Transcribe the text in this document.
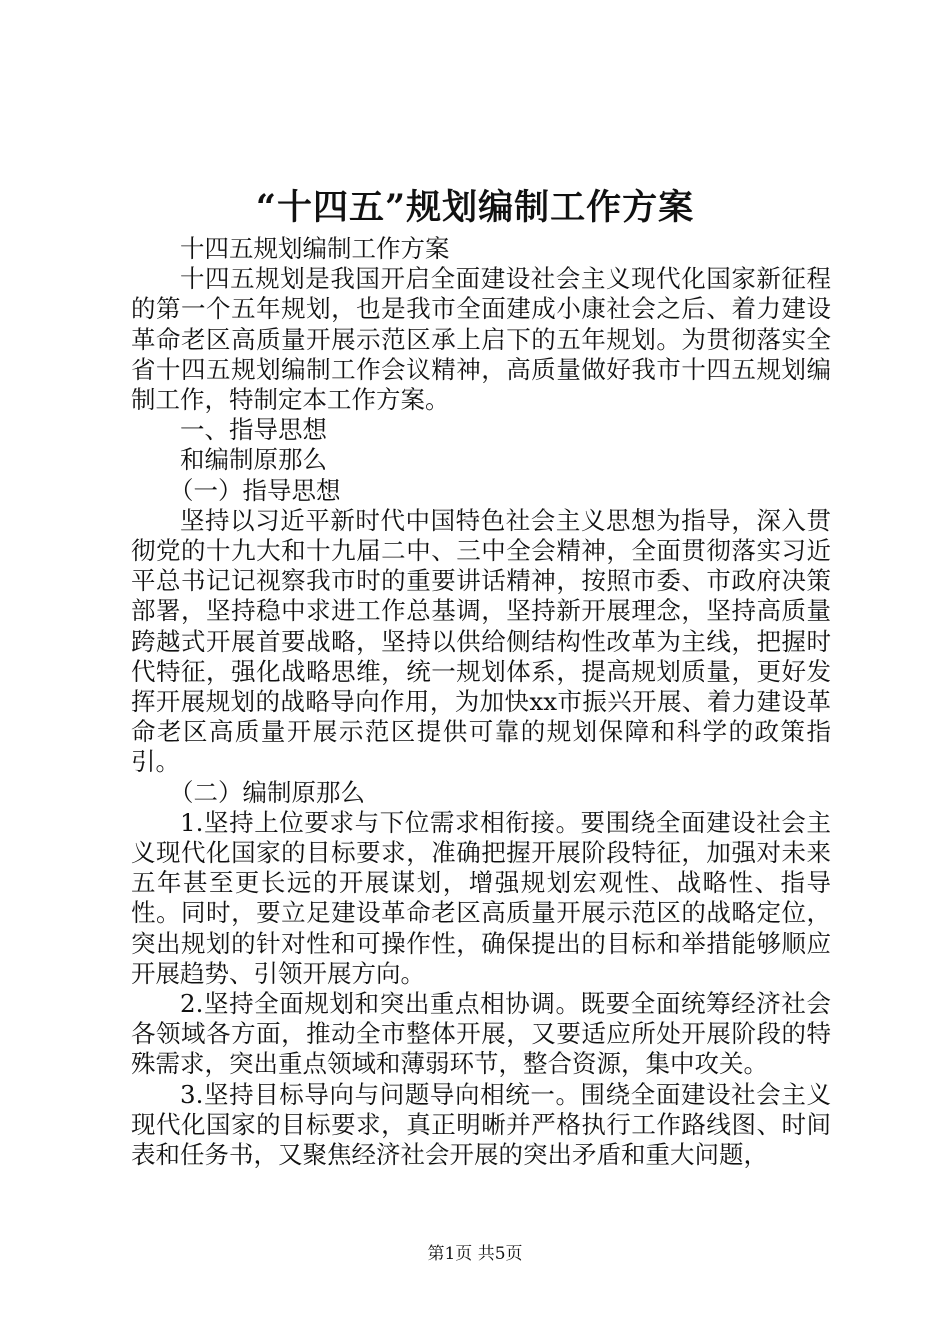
“十四五”规划编制工作方案

十四五规划编制工作方案

十四五规划是我国开启全面建设社会主义现代化国家新征程的第一个五年规划，也是我市全面建成小康社会之后、着力建设革命老区高质量开展示范区承上启下的五年规划。为贯彻落实全省十四五规划编制工作会议精神，高质量做好我市十四五规划编制工作，特制定本工作方案。

一、指导思想

和编制原那么

（一）指导思想

坚持以习近平新时代中国特色社会主义思想为指导，深入贯彻党的十九大和十九届二中、三中全会精神，全面贯彻落实习近平总书记记视察我市时的重要讲话精神，按照市委、市政府决策部署，坚持稳中求进工作总基调，坚持新开展理念，坚持高质量跨越式开展首要战略，坚持以供给侧结构性改革为主线，把握时代特征，强化战略思维，统一规划体系，提高规划质量，更好发挥开展规划的战略导向作用，为加快xx市振兴开展、着力建设革命老区高质量开展示范区提供可靠的规划保障和科学的政策指引。

（二）编制原那么

1.坚持上位要求与下位需求相衔接。要围绕全面建设社会主义现代化国家的目标要求，准确把握开展阶段特征，加强对未来五年甚至更长远的开展谋划，增强规划宏观性、战略性、指导性。同时，要立足建设革命老区高质量开展示范区的战略定位，突出规划的针对性和可操作性，确保提出的目标和举措能够顺应开展趋势、引领开展方向。

2.坚持全面规划和突出重点相协调。既要全面统筹经济社会各领域各方面，推动全市整体开展，又要适应所处开展阶段的特殊需求，突出重点领域和薄弱环节，整合资源，集中攻关。

3.坚持目标导向与问题导向相统一。围绕全面建设社会主义现代化国家的目标要求，真正明晰并严格执行工作路线图、时间表和任务书，又聚焦经济社会开展的突出矛盾和重大问题，

第1页 共5页
